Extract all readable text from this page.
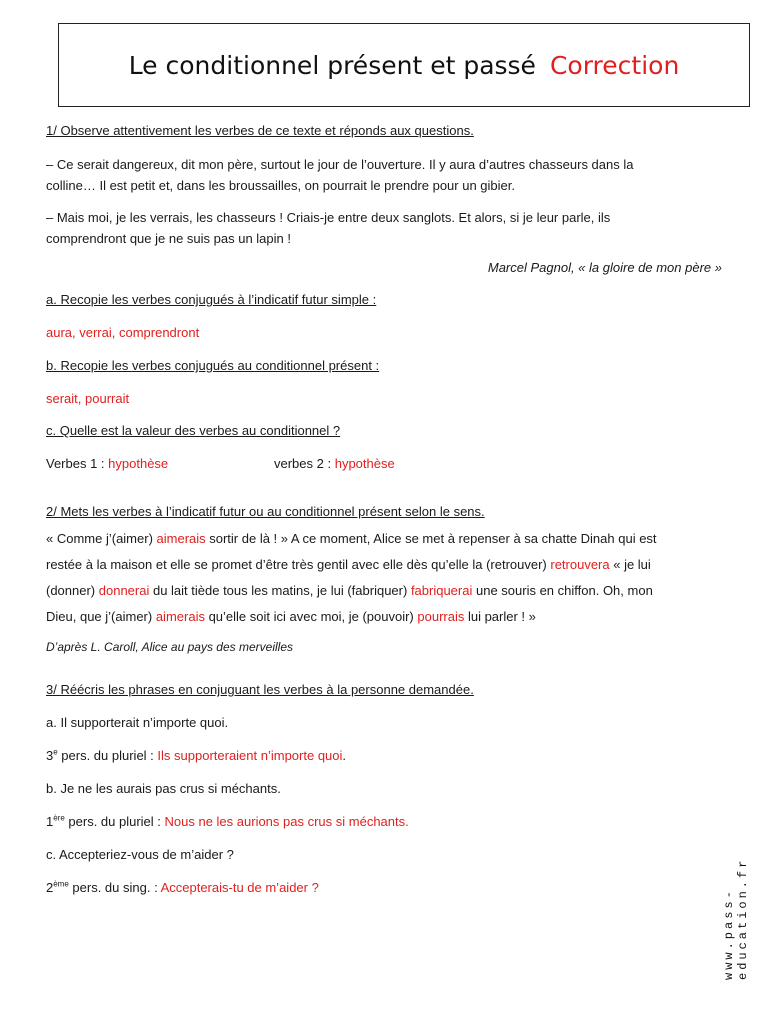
Le conditionnel présent et passé Correction

1/ Observe attentivement les verbes de ce texte et réponds aux questions.

– Ce serait dangereux, dit mon père, surtout le jour de l’ouverture. Il y aura d’autres chasseurs dans la

colline… Il est petit et, dans les broussailles, on pourrait le prendre pour un gibier.

– Mais moi, je les verrais, les chasseurs ! Criais-je entre deux sanglots. Et alors, si je leur parle, ils

comprendront que je ne suis pas un lapin !

Marcel Pagnol, « la gloire de mon père »

a. Recopie les verbes conjugués à l’indicatif futur simple :

aura, verrai, comprendront

b. Recopie les verbes conjugués au conditionnel présent :

serait, pourrait

c. Quelle est la valeur des verbes au conditionnel ?

Verbes 1 : hypothèse	verbes 2 : hypothèse

2/ Mets les verbes à l’indicatif futur ou au conditionnel présent selon le sens.

« Comme j’(aimer) aimerais sortir de là ! » A ce moment, Alice se met à repenser à sa chatte Dinah qui est

restée à la maison et elle se promet d’être très gentil avec elle dès qu’elle la (retrouver) retrouvera « je lui

(donner) donnerai du lait tiède tous les matins, je lui (fabriquer) fabriquerai une souris en chiffon. Oh, mon

Dieu, que j’(aimer) aimerais qu’elle soit ici avec moi, je (pouvoir) pourrais lui parler ! »

D’après L. Caroll, Alice au pays des merveilles

3/ Réécris les phrases en conjuguant les verbes à la personne demandée.

a. Il supporterait n’importe quoi.

3e pers. du pluriel : Ils supporteraient n’importe quoi.

b. Je ne les aurais pas crus si méchants.

1ère pers. du pluriel : Nous ne les aurions pas crus si méchants.

c. Accepteriez-vous de m’aider ?

2ème pers. du sing. : Accepterais-tu de m’aider ?

www.pass-education.fr
